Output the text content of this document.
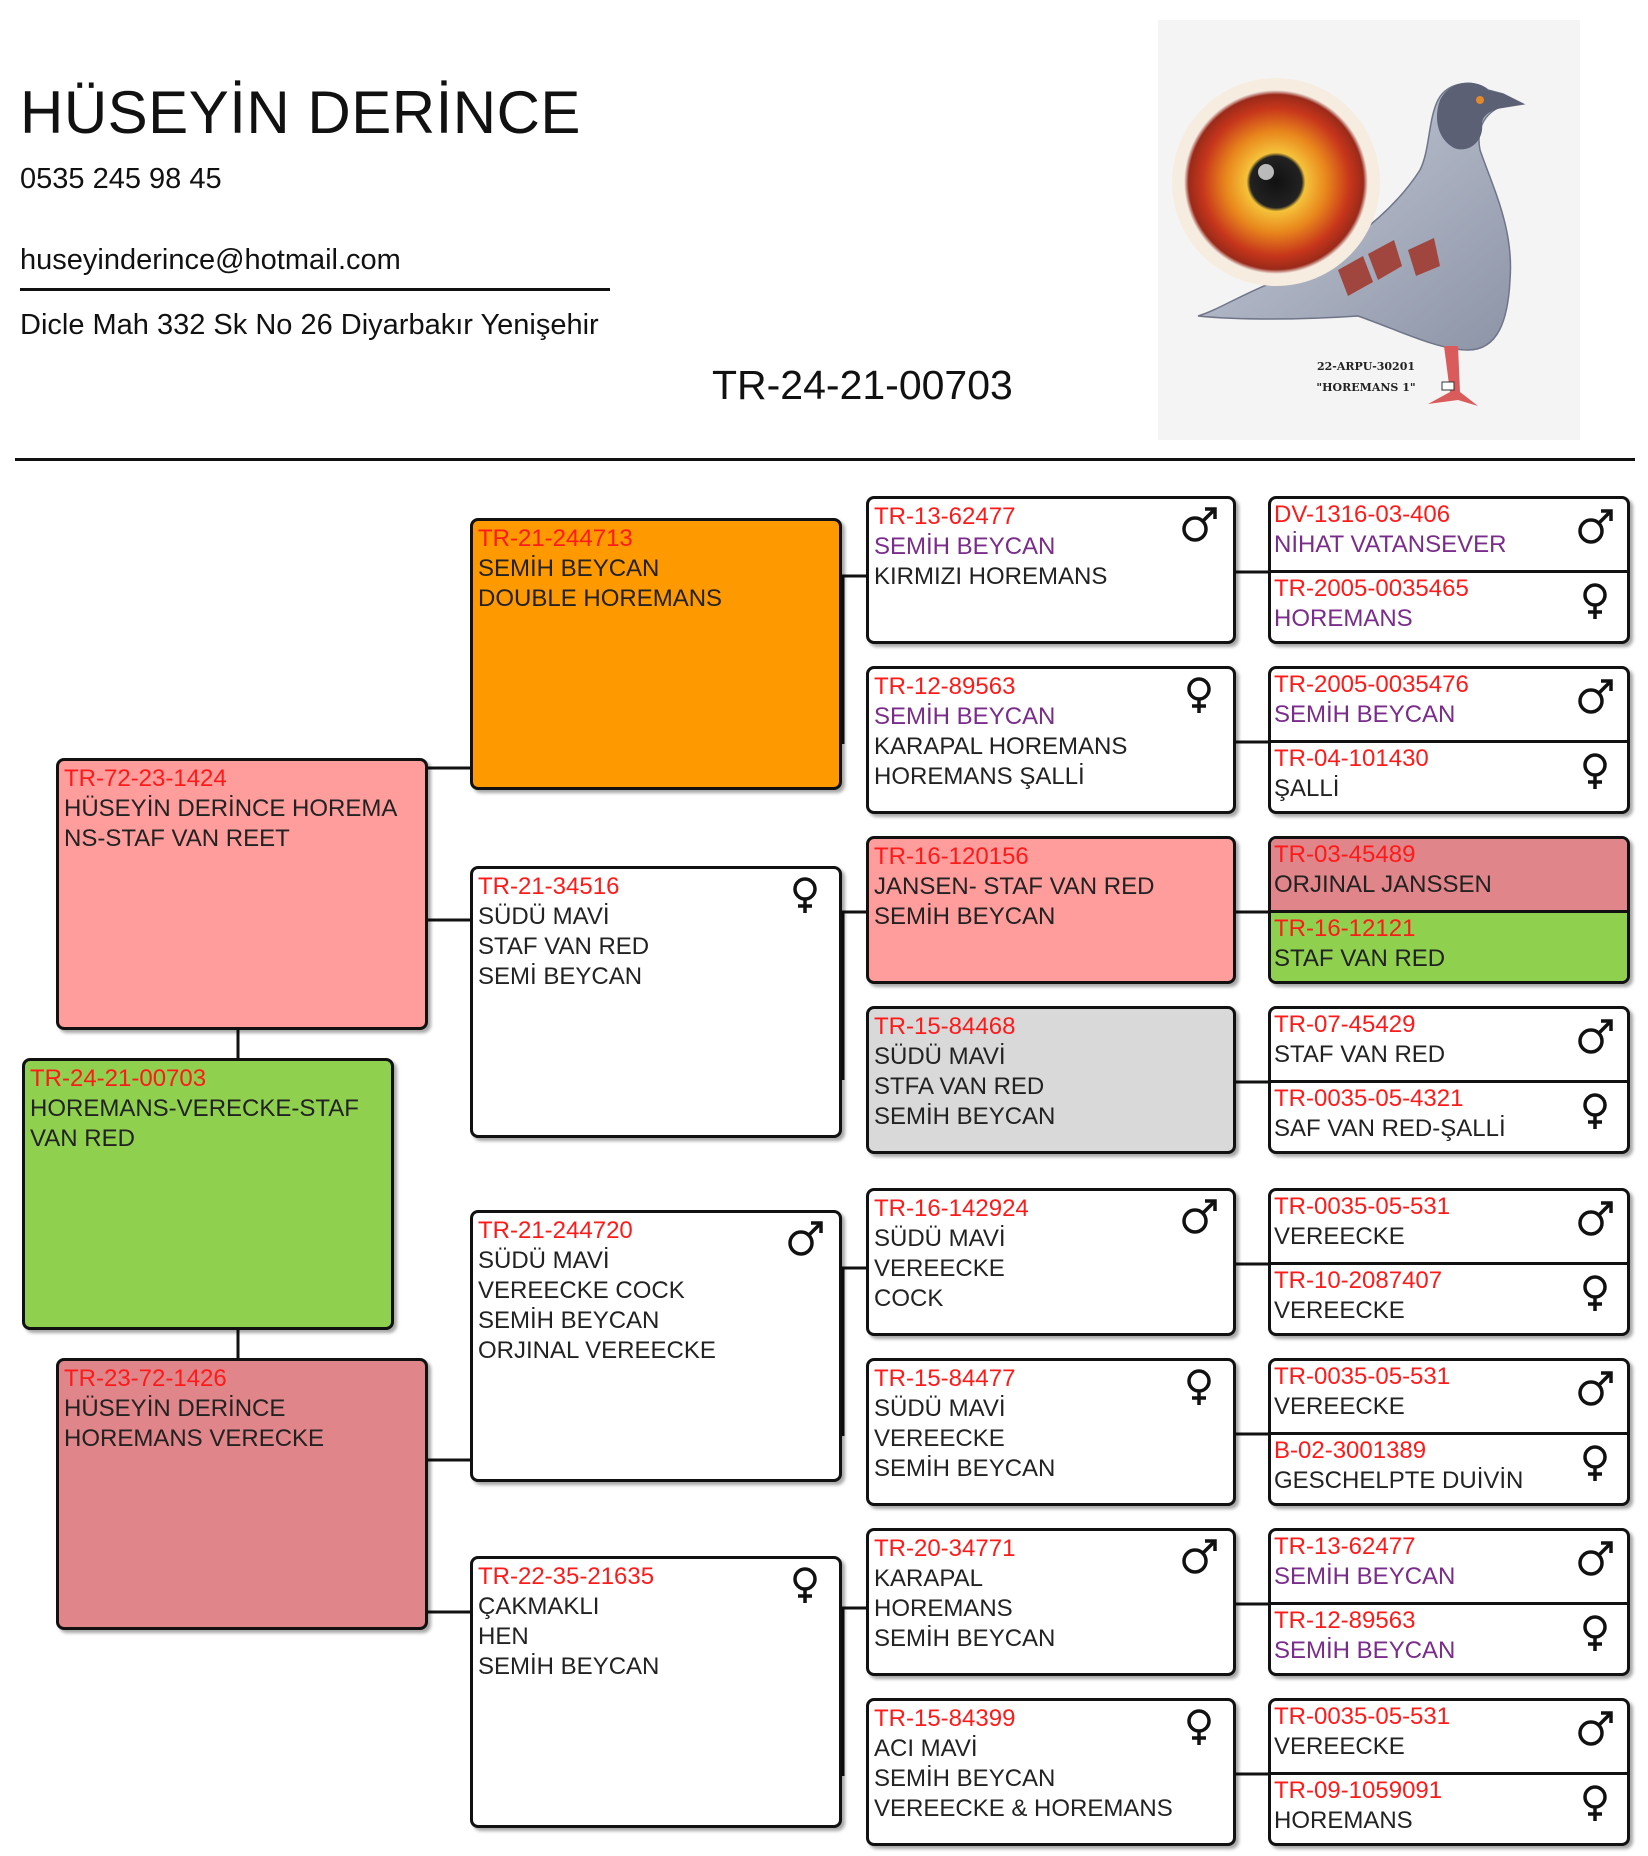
HÜSEYİN DERİNCE
0535 245 98 45
huseyinderince@hotmail.com
Dicle Mah 332 Sk No 26 Diyarbakır Yenişehir
TR-24-21-00703	22-ARPU-30201
"HOREMANS 1"
TR-72-23-1424
HÜSEYİN DERİNCE HOREMA
NS-STAF VAN REET
TR-24-21-00703
HOREMANS-VERECKE-STAF
VAN RED
TR-23-72-1426
HÜSEYİN DERİNCE
HOREMANS VERECKE
TR-21-244713
SEMİH BEYCAN
DOUBLE HOREMANS
TR-21-34516
SÜDÜ MAVİ
STAF VAN RED
SEMİ BEYCAN
TR-21-244720
SÜDÜ MAVİ
VEREECKE COCK
SEMİH BEYCAN
ORJINAL VEREECKE
TR-22-35-21635
ÇAKMAKLI
HEN
SEMİH BEYCAN
TR-13-62477
SEMİH BEYCAN
KIRMIZI HOREMANS
TR-12-89563
SEMİH BEYCAN
KARAPAL HOREMANS
HOREMANS ŞALLİ
TR-16-120156
JANSEN- STAF VAN RED
SEMİH BEYCAN
TR-15-84468
SÜDÜ MAVİ
STFA VAN RED
SEMİH BEYCAN
TR-16-142924
SÜDÜ MAVİ
VEREECKE
COCK
TR-15-84477
SÜDÜ MAVİ
VEREECKE
SEMİH BEYCAN
TR-20-34771
KARAPAL
HOREMANS
SEMİH BEYCAN
TR-15-84399
ACI MAVİ
SEMİH BEYCAN
VEREECKE & HOREMANS
DV-1316-03-406
NİHAT VATANSEVER
TR-2005-0035465
HOREMANS
TR-2005-0035476
SEMİH BEYCAN
TR-04-101430
ŞALLİ
TR-03-45489
ORJINAL JANSSEN
TR-16-12121
STAF VAN RED
TR-07-45429
STAF VAN RED
TR-0035-05-4321
SAF VAN RED-ŞALLİ
TR-0035-05-531
VEREECKE
TR-10-2087407
VEREECKE
TR-0035-05-531
VEREECKE
B-02-3001389
GESCHELPTE DUİVİN
TR-13-62477
SEMİH BEYCAN
TR-12-89563
SEMİH BEYCAN
TR-0035-05-531
VEREECKE
TR-09-1059091
HOREMANS
